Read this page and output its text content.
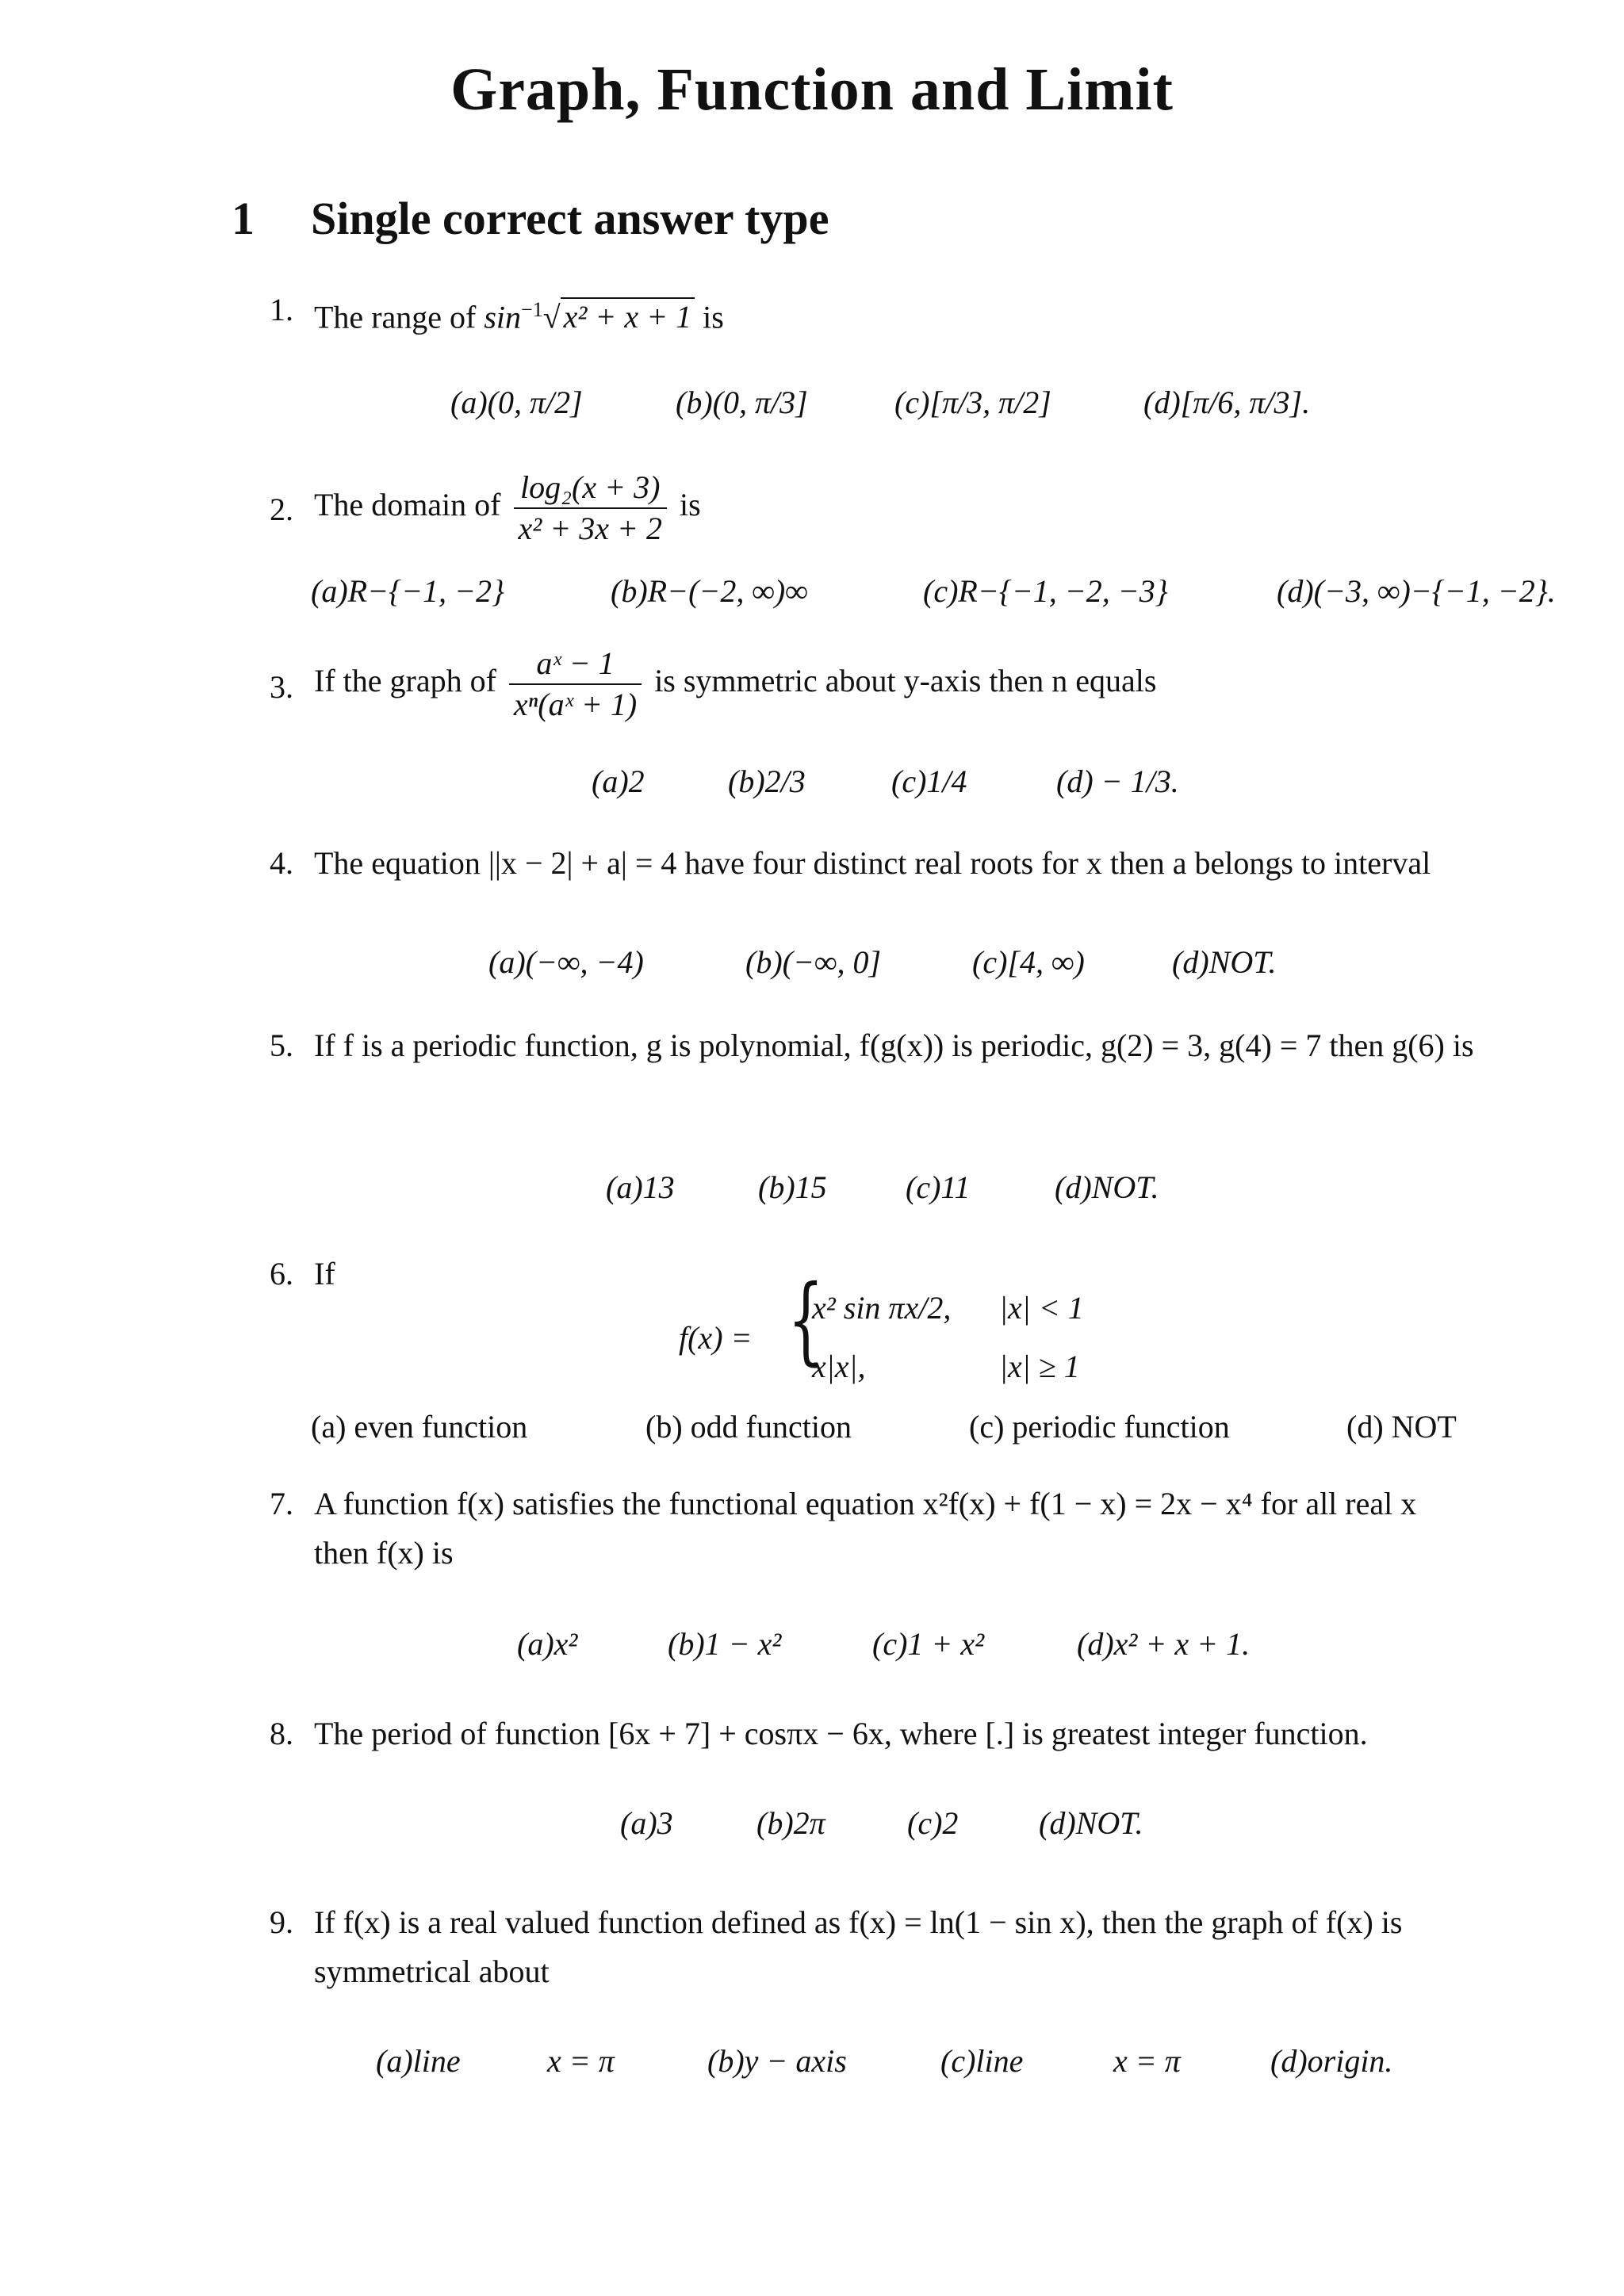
Graph, Function and Limit
1 Single correct answer type
1. The range of $\sin^{-1}√$ x² + x + 1 is
(a)(0, π/2]	(b)(0, π/3]	(c)[π/3, π/2]	(d)[π/6, π/3].
2. The domain of $\frac{\text{log₂(x + 3)}}{\text{x² + 3x + 2}}$ is
(a)R−{−1, −2}	(b)R−(−2, ∞)∞	(c)R−{−1, −2, −3}	(d)(−3, ∞)−{−1, −2}.
3. If the graph of $\frac{\text{aˣ − 1}}{\text{xⁿ(aˣ + 1)}}$ is symmetric about y-axis then n equals
(a)2	(b)2/3	(c)1/4	(d) − 1/3.
4. The equation ||x − 2| + a| = 4 have four distinct real roots for x then a belongs to interval
(a)(−∞, −4)	(b)(−∞, 0]	(c)[4, ∞)	(d)NOT.
5. If f is a periodic function, g is polynomial, f(g(x)) is periodic, g(2) = 3, g(4) = 7 then g(6) is
(a)13	(b)15 (c)11	(d)NOT.
6. If
f(x) = {
x² sin πx/2, |x| < 1
x|x|,	|x| ≥ 1
(a) even function	(b) odd function	(c) periodic function	(d) NOT
7. A function f(x) satisfies the functional equation x²f(x) + f(1 − x) = 2x − x⁴ for all real x then f(x) is
(a)x²	(b)1 − x²	(c)1 + x²	(d)x² + x + 1.
8. The period of function [6x + 7] + cosπx − 6x, where [.] is greatest integer function.
(a)3	(b)2π	(c)2	(d)NOT.
9. If f(x) is a real valued function defined as f(x) = ln(1 − sin x), then the graph of f(x) is symmetrical about
(a)line	x = π	(b)y − axis	(c)line	x = π	(d)origin.
